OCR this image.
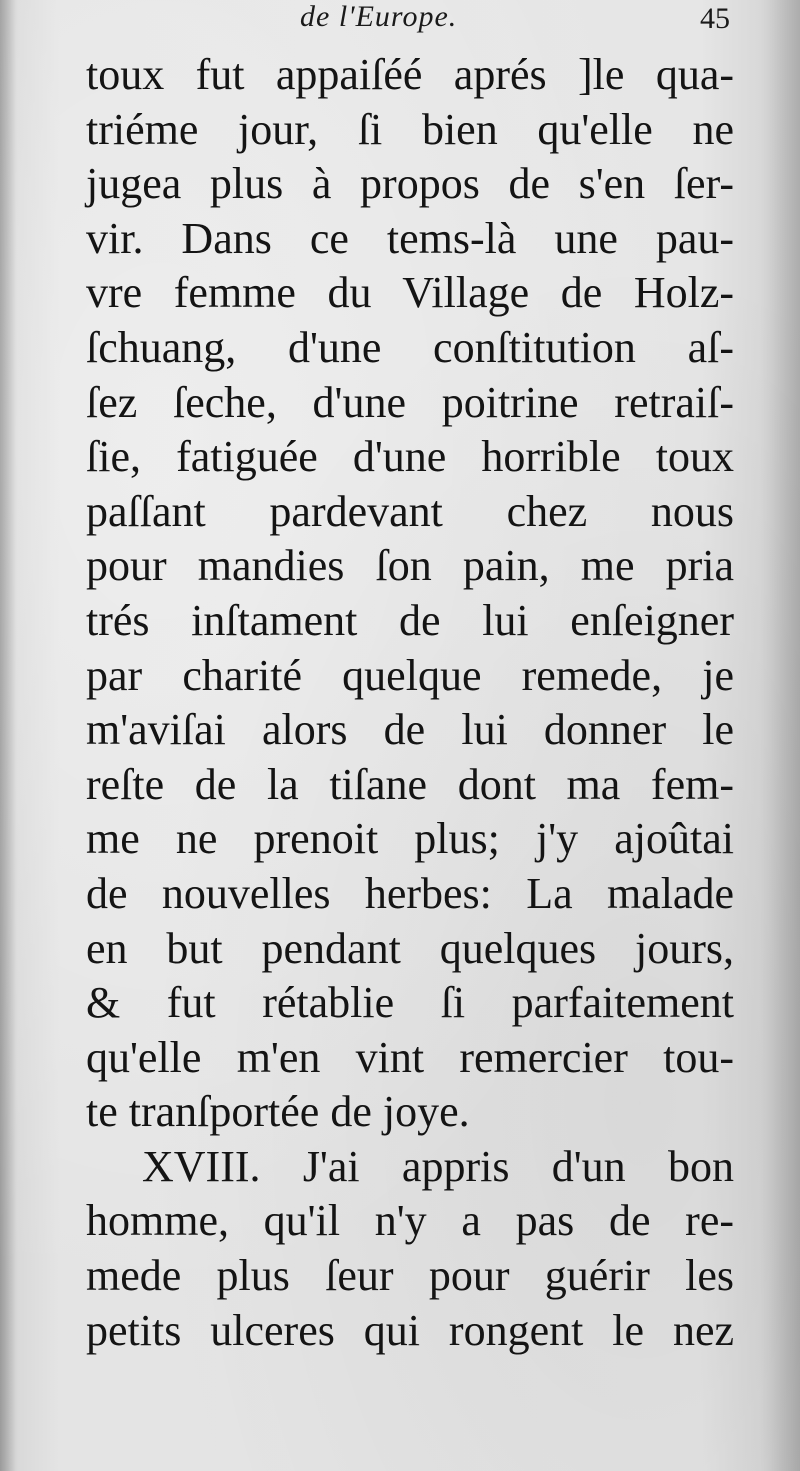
de l'Europe.	45
toux fut appaiſéé aprés ]le qua-
triéme jour, ſi bien qu'elle ne
jugea plus à propos de s'en ſer-
vir. Dans ce tems-là une pau-
vre femme du Village de Holz-
ſchuang, d'une conſtitution aſ-
ſez ſeche, d'une poitrine retraiſ-
ſie, fatiguée d'une horrible toux
paſſant pardevant chez nous
pour mandies ſon pain, me pria
trés inſtament de lui enſeigner
par charité quelque remede, je
m'aviſai alors de lui donner le
reſte de la tiſane dont ma fem-
me ne prenoit plus; j'y ajoûtai
de nouvelles herbes: La malade
en but pendant quelques jours,
& fut rétablie ſi parfaitement
qu'elle m'en vint remercier tou-
te tranſportée de joye.
XVIII. J'ai appris d'un bon
homme, qu'il n'y a pas de re-
mede plus ſeur pour guérir les
petits ulceres qui rongent le nez
